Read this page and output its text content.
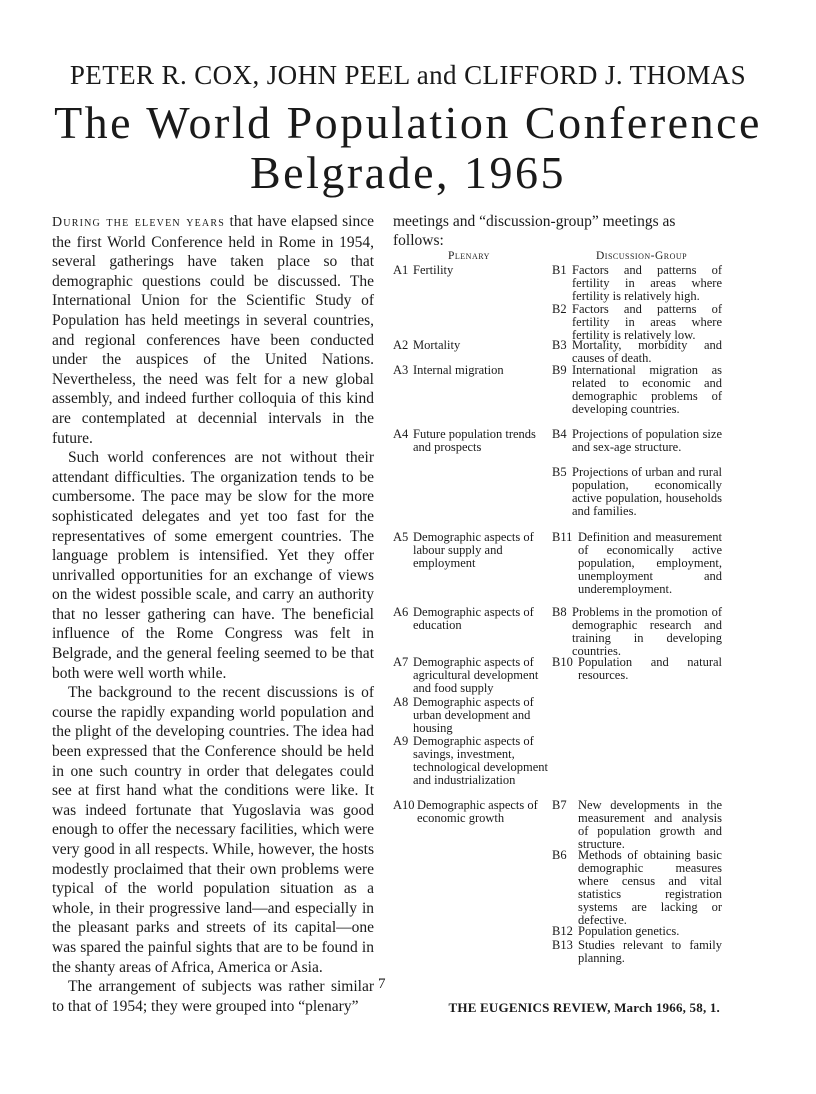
PETER R. COX, JOHN PEEL and CLIFFORD J. THOMAS
The World Population Conference
Belgrade, 1965

During the eleven years that have elapsed since the first World Conference held in Rome in 1954, several gatherings have taken place so that demographic questions could be discussed. The International Union for the Scientific Study of Population has held meetings in several countries, and regional conferences have been conducted under the auspices of the United Nations. Nevertheless, the need was felt for a new global assembly, and indeed further colloquia of this kind are contemplated at decennial intervals in the future.

Such world conferences are not without their attendant difficulties. The organization tends to be cumbersome. The pace may be slow for the more sophisticated delegates and yet too fast for the representatives of some emergent countries. The language problem is intensified. Yet they offer unrivalled opportunities for an exchange of views on the widest possible scale, and carry an authority that no lesser gathering can have. The beneficial influence of the Rome Congress was felt in Belgrade, and the general feeling seemed to be that both were well worth while.

The background to the recent discussions is of course the rapidly expanding world population and the plight of the developing countries. The idea had been expressed that the Conference should be held in one such country in order that delegates could see at first hand what the conditions were like. It was indeed fortunate that Yugoslavia was good enough to offer the necessary facilities, which were very good in all respects. While, however, the hosts modestly proclaimed that their own problems were typical of the world population situation as a whole, in their progressive land—and especially in the pleasant parks and streets of its capital—one was spared the painful sights that are to be found in the shanty areas of Africa, America or Asia.

The arrangement of subjects was rather similar to that of 1954; they were grouped into “plenary”

meetings and “discussion-group” meetings as follows:
Plenary	Discussion-Group
A1 Fertility
A2 Mortality
A3 Internal migration
A4 Future population trends and prospects
A5 Demographic aspects of labour supply and employment
A6 Demographic aspects of education
A7 Demographic aspects of agricultural development and food supply
A8 Demographic aspects of urban development and housing
A9 Demographic aspects of savings, investment, technological development and industrialization
A10 Demographic aspects of economic growth
B1 Factors and patterns of fertility in areas where fertility is relatively high.
B2 Factors and patterns of fertility in areas where fertility is relatively low.
B3 Mortality, morbidity and causes of death.
B9 International migration as related to economic and demographic problems of developing countries.
B4 Projections of population size and sex-age structure.
B5 Projections of urban and rural population, economically active population, households and families.
B11 Definition and measurement of economically active population, employment, unemployment and underemployment.
B8 Problems in the promotion of demographic research and training in developing countries.
B10 Population and natural resources.
B7 New developments in the measurement and analysis of population growth and structure.
B6 Methods of obtaining basic demographic measures where census and vital statistics registration systems are lacking or defective.
B12 Population genetics.
B13 Studies relevant to family planning.
7
THE EUGENICS REVIEW, March 1966, 58, 1.
